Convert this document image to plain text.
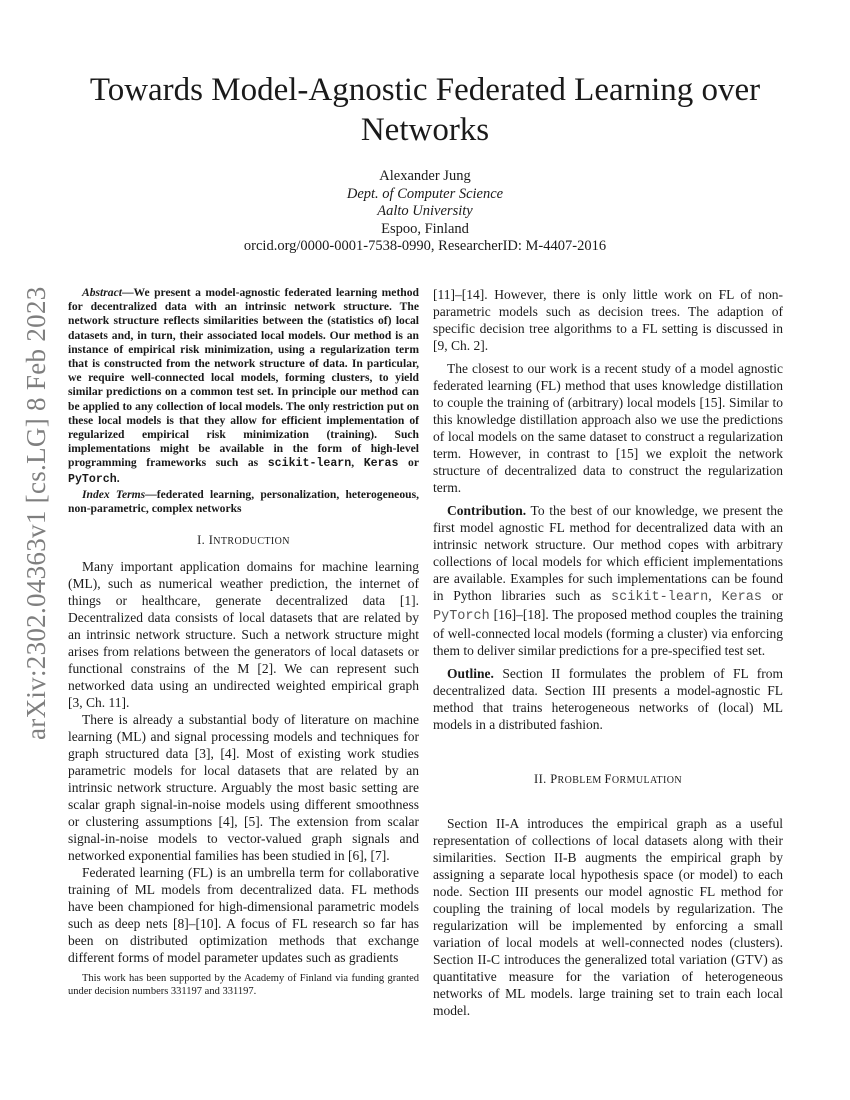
Towards Model-Agnostic Federated Learning over Networks
Alexander Jung
Dept. of Computer Science
Aalto University
Espoo, Finland
orcid.org/0000-0001-7538-0990, ResearcherID: M-4407-2016
arXiv:2302.04363v1 [cs.LG] 8 Feb 2023	Abstract—We present a model-agnostic federated learning method for decentralized data with an intrinsic network structure. The network structure reflects similarities between the (statistics of) local datasets and, in turn, their associated local models. Our method is an instance of empirical risk minimization, using a regularization term that is constructed from the network structure of data. In particular, we require well-connected local models, forming clusters, to yield similar predictions on a common test set. In principle our method can be applied to any collection of local models. The only restriction put on these local models is that they allow for efficient implementation of regularized empirical risk minimization (training). Such implementations might be available in the form of high-level programming frameworks such as scikit-learn, Keras or PyTorch.

Index Terms—federated learning, personalization, heterogeneous, non-parametric, complex networks

I. INTRODUCTION

Many important application domains for machine learning (ML), such as numerical weather prediction, the internet of things or healthcare, generate decentralized data [1]. Decentralized data consists of local datasets that are related by an intrinsic network structure. Such a network structure might arises from relations between the generators of local datasets or functional constrains of the M [2]. We can represent such networked data using an undirected weighted empirical graph [3, Ch. 11].

There is already a substantial body of literature on machine learning (ML) and signal processing models and techniques for graph structured data [3], [4]. Most of existing work studies parametric models for local datasets that are related by an intrinsic network structure. Arguably the most basic setting are scalar graph signal-in-noise models using different smoothness or clustering assumptions [4], [5]. The extension from scalar signal-in-noise models to vector-valued graph signals and networked exponential families has been studied in [6], [7].

Federated learning (FL) is an umbrella term for collaborative training of ML models from decentralized data. FL methods have been championed for high-dimensional parametric models such as deep nets [8]–[10]. A focus of FL research so far has been on distributed optimization methods that exchange different forms of model parameter updates such as gradients

This work has been supported by the Academy of Finland via funding granted under decision numbers 331197 and 331197.

[11]–[14]. However, there is only little work on FL of non-parametric models such as decision trees. The adaption of specific decision tree algorithms to a FL setting is discussed in [9, Ch. 2].

The closest to our work is a recent study of a model agnostic federated learning (FL) method that uses knowledge distillation to couple the training of (arbitrary) local models [15]. Similar to this knowledge distillation approach also we use the predictions of local models on the same dataset to construct a regularization term. However, in contrast to [15] we exploit the network structure of decentralized data to construct the regularization term.

Contribution. To the best of our knowledge, we present the first model agnostic FL method for decentralized data with an intrinsic network structure. Our method copes with arbitrary collections of local models for which efficient implementations are available. Examples for such implementations can be found in Python libraries such as scikit-learn, Keras or PyTorch [16]–[18]. The proposed method couples the training of well-connected local models (forming a cluster) via enforcing them to deliver similar predictions for a pre-specified test set.

Outline. Section II formulates the problem of FL from decentralized data. Section III presents a model-agnostic FL method that trains heterogeneous networks of (local) ML models in a distributed fashion.

II. PROBLEM FORMULATION

Section II-A introduces the empirical graph as a useful representation of collections of local datasets along with their similarities. Section II-B augments the empirical graph by assigning a separate local hypothesis space (or model) to each node. Section III presents our model agnostic FL method for coupling the training of local models by regularization. The regularization will be implemented by enforcing a small variation of local models at well-connected nodes (clusters). Section II-C introduces the generalized total variation (GTV) as quantitative measure for the variation of heterogeneous networks of ML models. large training set to train each local model.
